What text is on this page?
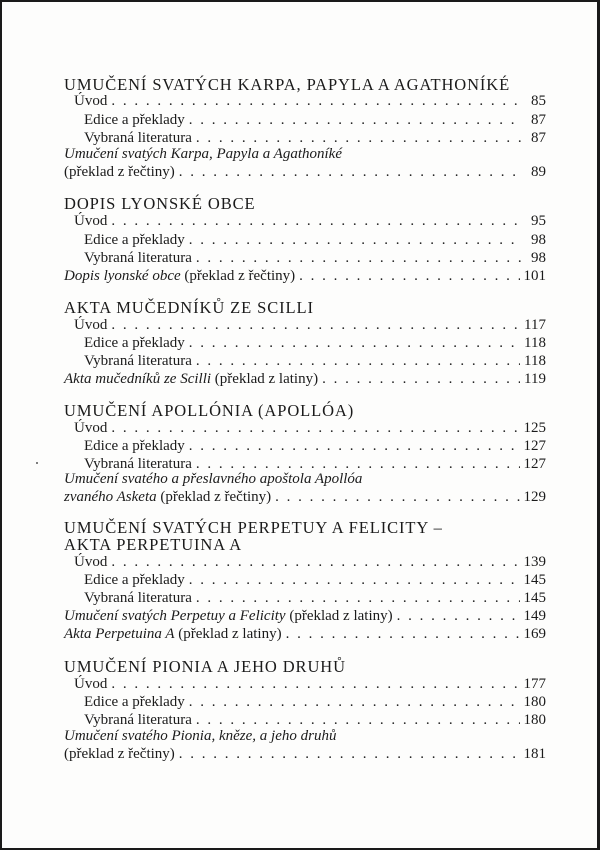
UMUČENÍ SVATÝCH KARPA, PAPYLA A AGATHONÍKÉ
Úvod . . .	85
Edice a překlady . . .	87
Vybraná literatura . . .	87
Umučení svatých Karpa, Papyla a Agathoníké
(překlad z řečtiny) . . .	89
DOPIS LYONSKÉ OBCE
Úvod . . .	95
Edice a překlady . . .	98
Vybraná literatura . . .	98
Dopis lyonské obce (překlad z řečtiny) . . .	101
AKTA MUČEDNÍKŮ ZE SCILLI
Úvod . . .	117
Edice a překlady . . .	118
Vybraná literatura . . .	118
Akta mučedníků ze Scilli (překlad z latiny) . . .	119
UMUČENÍ APOLLÓNIA (APOLLÓA)
Úvod . . .	125
Edice a překlady . . .	127
Vybraná literatura . . .	127
Umučení svatého a přeslavného apoštola Apollóa
zvaného Asketa (překlad z řečtiny) . . .	129
UMUČENÍ SVATÝCH PERPETUY A FELICITY –
AKTA PERPETUINA A
Úvod . . .	139
Edice a překlady . . .	145
Vybraná literatura . . .	145
Umučení svatých Perpetuy a Felicity (překlad z latiny) . . .	149
Akta Perpetuina A (překlad z latiny) . . .	169
UMUČENÍ PIONIA A JEHO DRUHŮ
Úvod . . .	177
Edice a překlady . . .	180
Vybraná literatura . . .	180
Umučení svatého Pionia, kněze, a jeho druhů
(překlad z řečtiny) . . .	181
